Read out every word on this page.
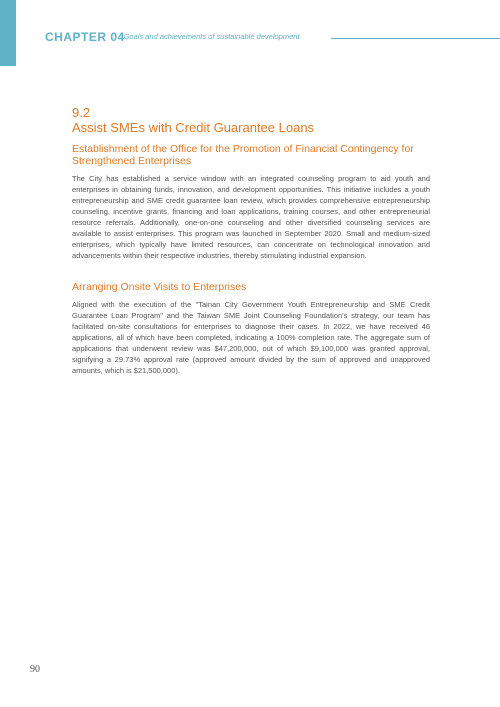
CHAPTER 04
· Goals and achievements of sustainable development
9.2
Assist SMEs with Credit Guarantee Loans
Establishment of the Office for the Promotion of Financial Contingency for Strengthened Enterprises

The City has established a service window with an integrated counseling program to aid youth and enterprises in obtaining funds, innovation, and development opportunities. This initiative includes a youth entrepreneurship and SME credit guarantee loan review, which provides comprehensive entrepreneurship counseling, incentive grants, financing and loan applications, training courses, and other entrepreneurial resource referrals. Additionally, one-on-one counseling and other diversified counseling services are available to assist enterprises. This program was launched in September 2020. Small and medium-sized enterprises, which typically have limited resources, can concentrate on technological innovation and advancements within their respective industries, thereby stimulating industrial expansion.

Arranging Onsite Visits to Enterprises

Aligned with the execution of the "Tainan City Government Youth Entrepreneurship and SME Credit Guarantee Loan Program" and the Taiwan SME Joint Counseling Foundation's strategy, our team has facilitated on-site consultations for enterprises to diagnose their cases. In 2022, we have received 46 applications, all of which have been completed, indicating a 100% completion rate. The aggregate sum of applications that underwent review was $47,200,000, out of which $9,100,000 was granted approval, signifying a 29.73% approval rate (approved amount divided by the sum of approved and unapproved amounts, which is $21,500,000).

90
